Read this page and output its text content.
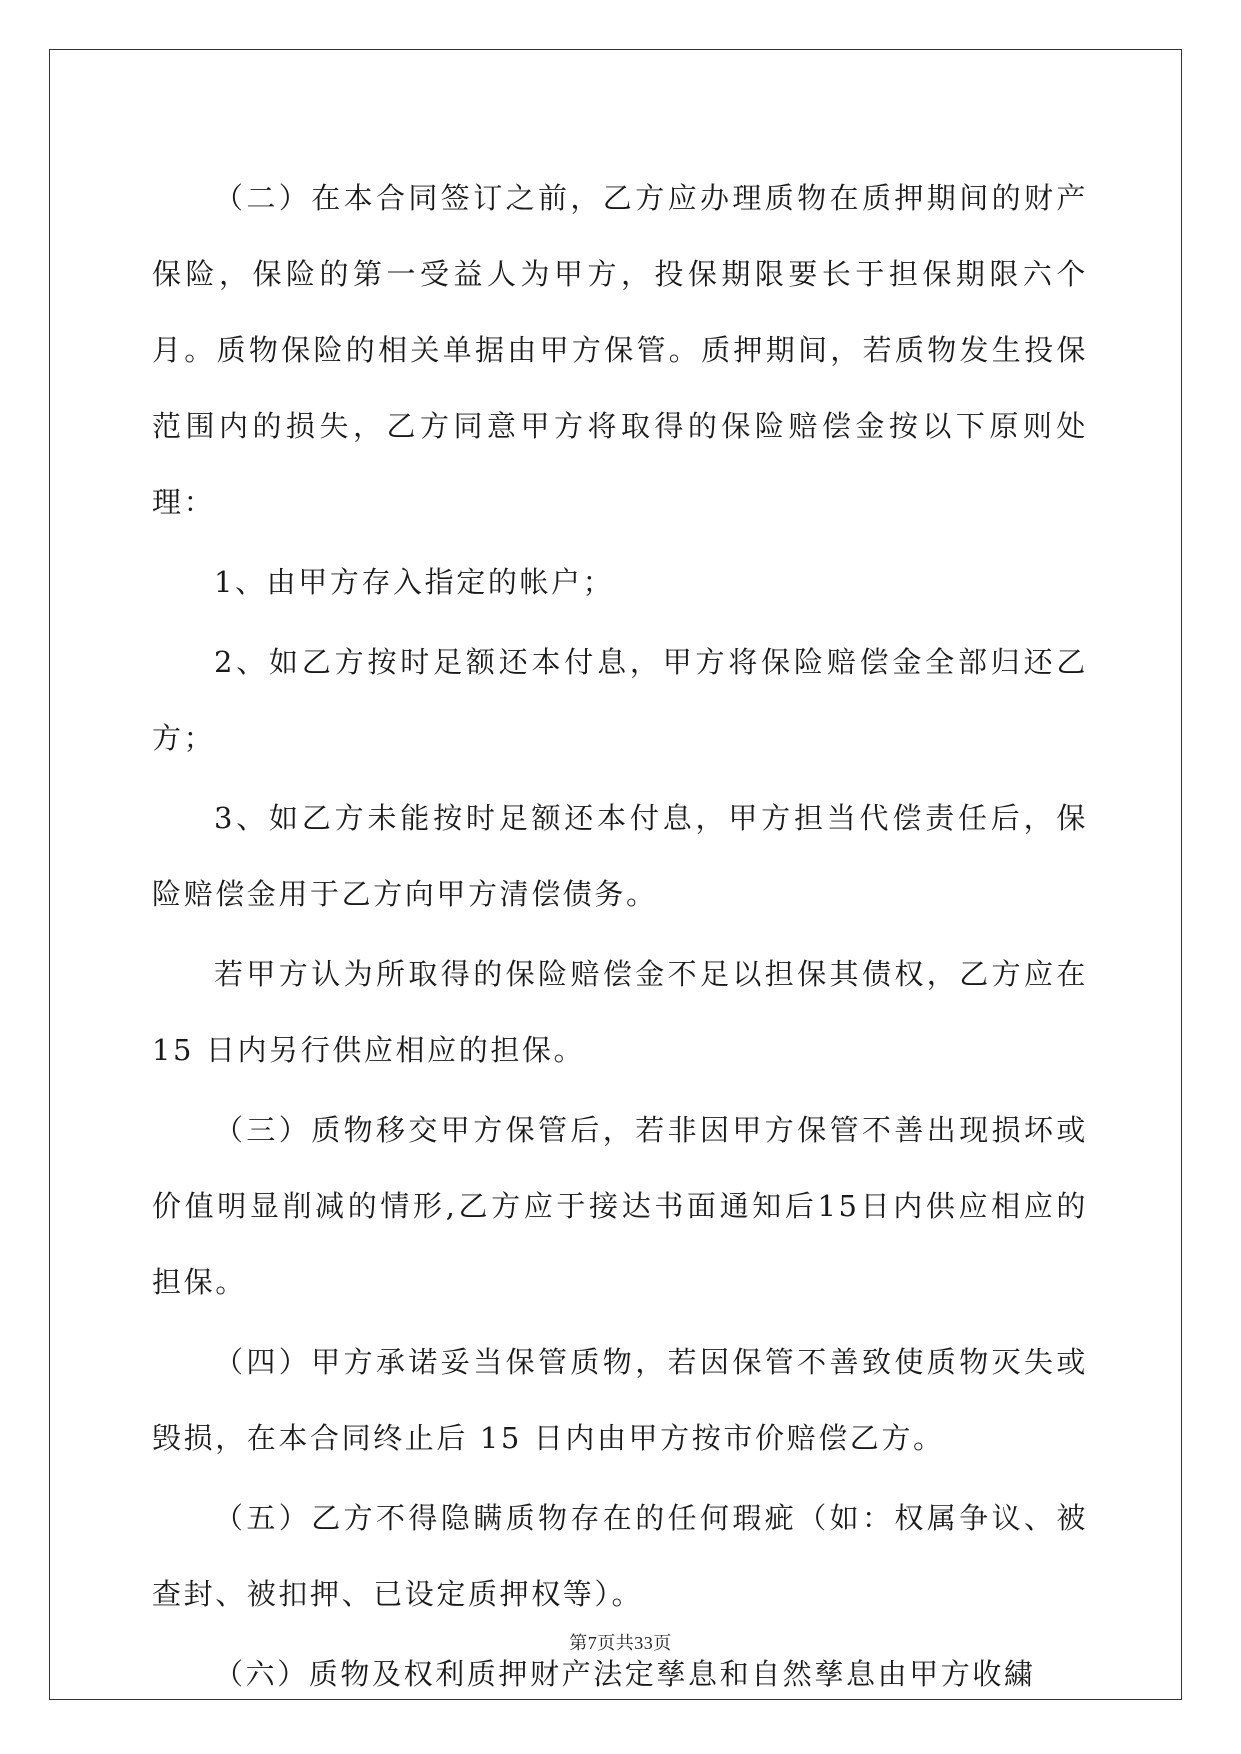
（二）在本合同签订之前，乙方应办理质物在质押期间的财产保险，保险的第一受益人为甲方，投保期限要长于担保期限六个月。质物保险的相关单据由甲方保管。质押期间，若质物发生投保范围内的损失，乙方同意甲方将取得的保险赔偿金按以下原则处理：

1、由甲方存入指定的帐户；

2、如乙方按时足额还本付息，甲方将保险赔偿金全部归还乙方；

3、如乙方未能按时足额还本付息，甲方担当代偿责任后，保险赔偿金用于乙方向甲方清偿债务。

若甲方认为所取得的保险赔偿金不足以担保其债权，乙方应在 15 日内另行供应相应的担保。

（三）质物移交甲方保管后，若非因甲方保管不善出现损坏或价值明显削减的情形,乙方应于接达书面通知后15日内供应相应的担保。

（四）甲方承诺妥当保管质物，若因保管不善致使质物灭失或毁损，在本合同终止后 15 日内由甲方按市价赔偿乙方。

（五）乙方不得隐瞒质物存在的任何瑕疵（如：权属争议、被查封、被扣押、已设定质押权等）。

（六）质物及权利质押财产法定孳息和自然孳息由甲方收繍

第7页共33页
